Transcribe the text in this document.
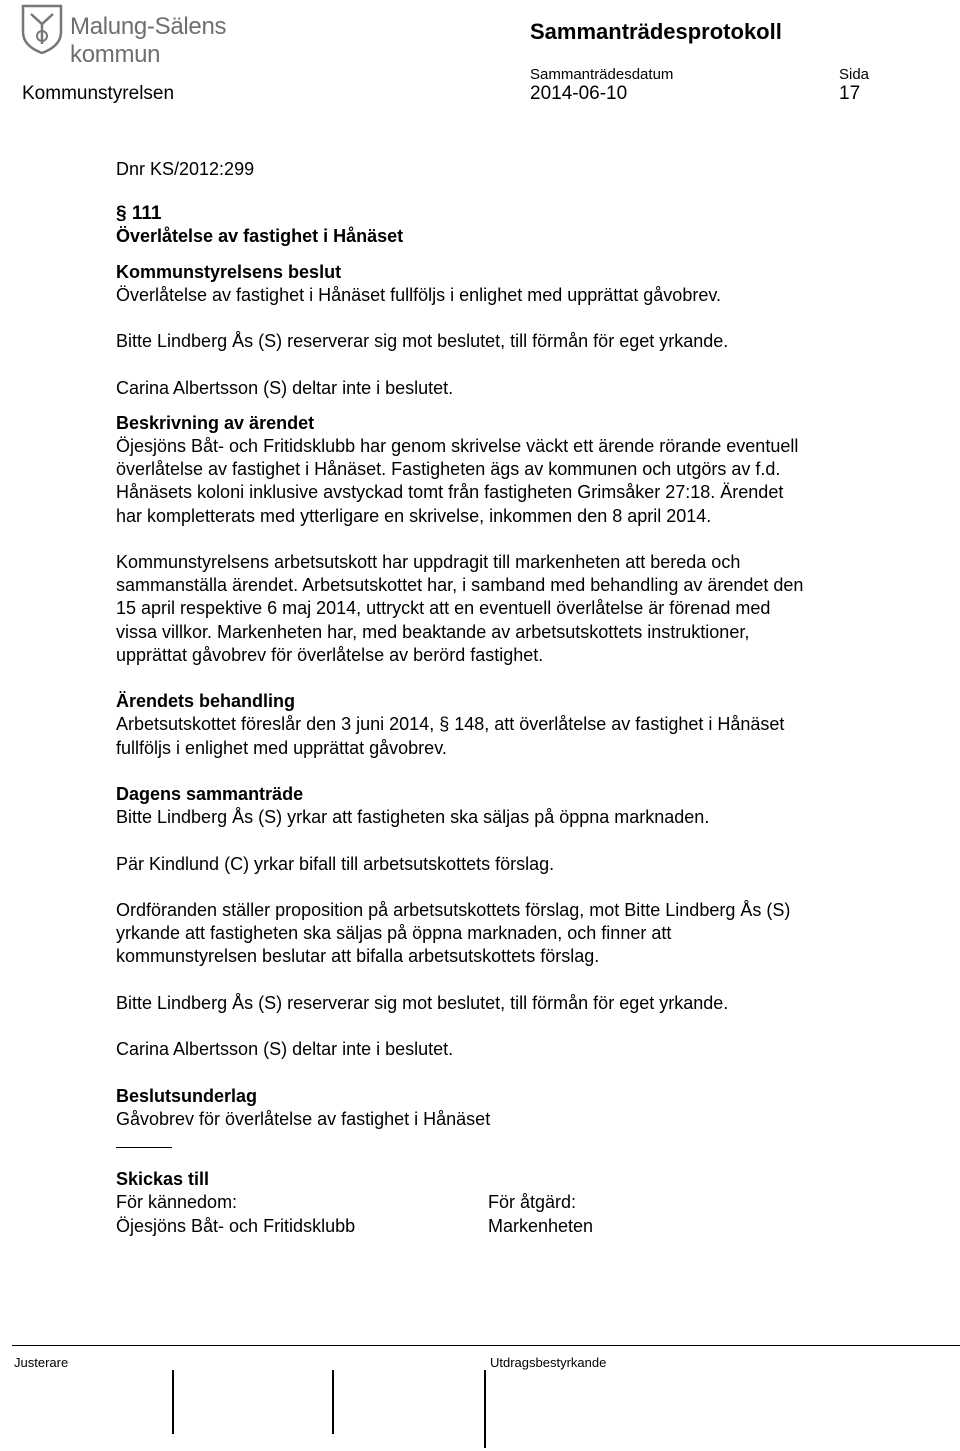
Malung-Sälens kommun
Sammanträdesprotokoll
Sammanträdesdatum	Sida
Kommunstyrelsen	2014-06-10	17

Dnr KS/2012:299

§ 111

Överlåtelse av fastighet i Hånäset

Kommunstyrelsens beslut

Överlåtelse av fastighet i Hånäset fullföljs i enlighet med upprättat gåvobrev.

Bitte Lindberg Ås (S) reserverar sig mot beslutet, till förmån för eget yrkande.

Carina Albertsson (S) deltar inte i beslutet.

Beskrivning av ärendet

Öjesjöns Båt- och Fritidsklubb har genom skrivelse väckt ett ärende rörande eventuell

överlåtelse av fastighet i Hånäset. Fastigheten ägs av kommunen och utgörs av f.d.

Hånäsets koloni inklusive avstyckad tomt från fastigheten Grimsåker 27:18. Ärendet

har kompletterats med ytterligare en skrivelse, inkommen den 8 april 2014.

Kommunstyrelsens arbetsutskott har uppdragit till markenheten att bereda och

sammanställa ärendet. Arbetsutskottet har, i samband med behandling av ärendet den

15 april respektive 6 maj 2014, uttryckt att en eventuell överlåtelse är förenad med

vissa villkor. Markenheten har, med beaktande av arbetsutskottets instruktioner,

upprättat gåvobrev för överlåtelse av berörd fastighet.

Ärendets behandling

Arbetsutskottet föreslår den 3 juni 2014, § 148, att överlåtelse av fastighet i Hånäset

fullföljs i enlighet med upprättat gåvobrev.

Dagens sammanträde

Bitte Lindberg Ås (S) yrkar att fastigheten ska säljas på öppna marknaden.

Pär Kindlund (C) yrkar bifall till arbetsutskottets förslag.

Ordföranden ställer proposition på arbetsutskottets förslag, mot Bitte Lindberg Ås (S)

yrkande att fastigheten ska säljas på öppna marknaden, och finner att

kommunstyrelsen beslutar att bifalla arbetsutskottets förslag.

Bitte Lindberg Ås (S) reserverar sig mot beslutet, till förmån för eget yrkande.

Carina Albertsson (S) deltar inte i beslutet.

Beslutsunderlag

Gåvobrev för överlåtelse av fastighet i Hånäset

Skickas till

För kännedom:

Öjesjöns Båt- och Fritidsklubb

För åtgärd:

Markenheten

Justerare	Utdragsbestyrkande
